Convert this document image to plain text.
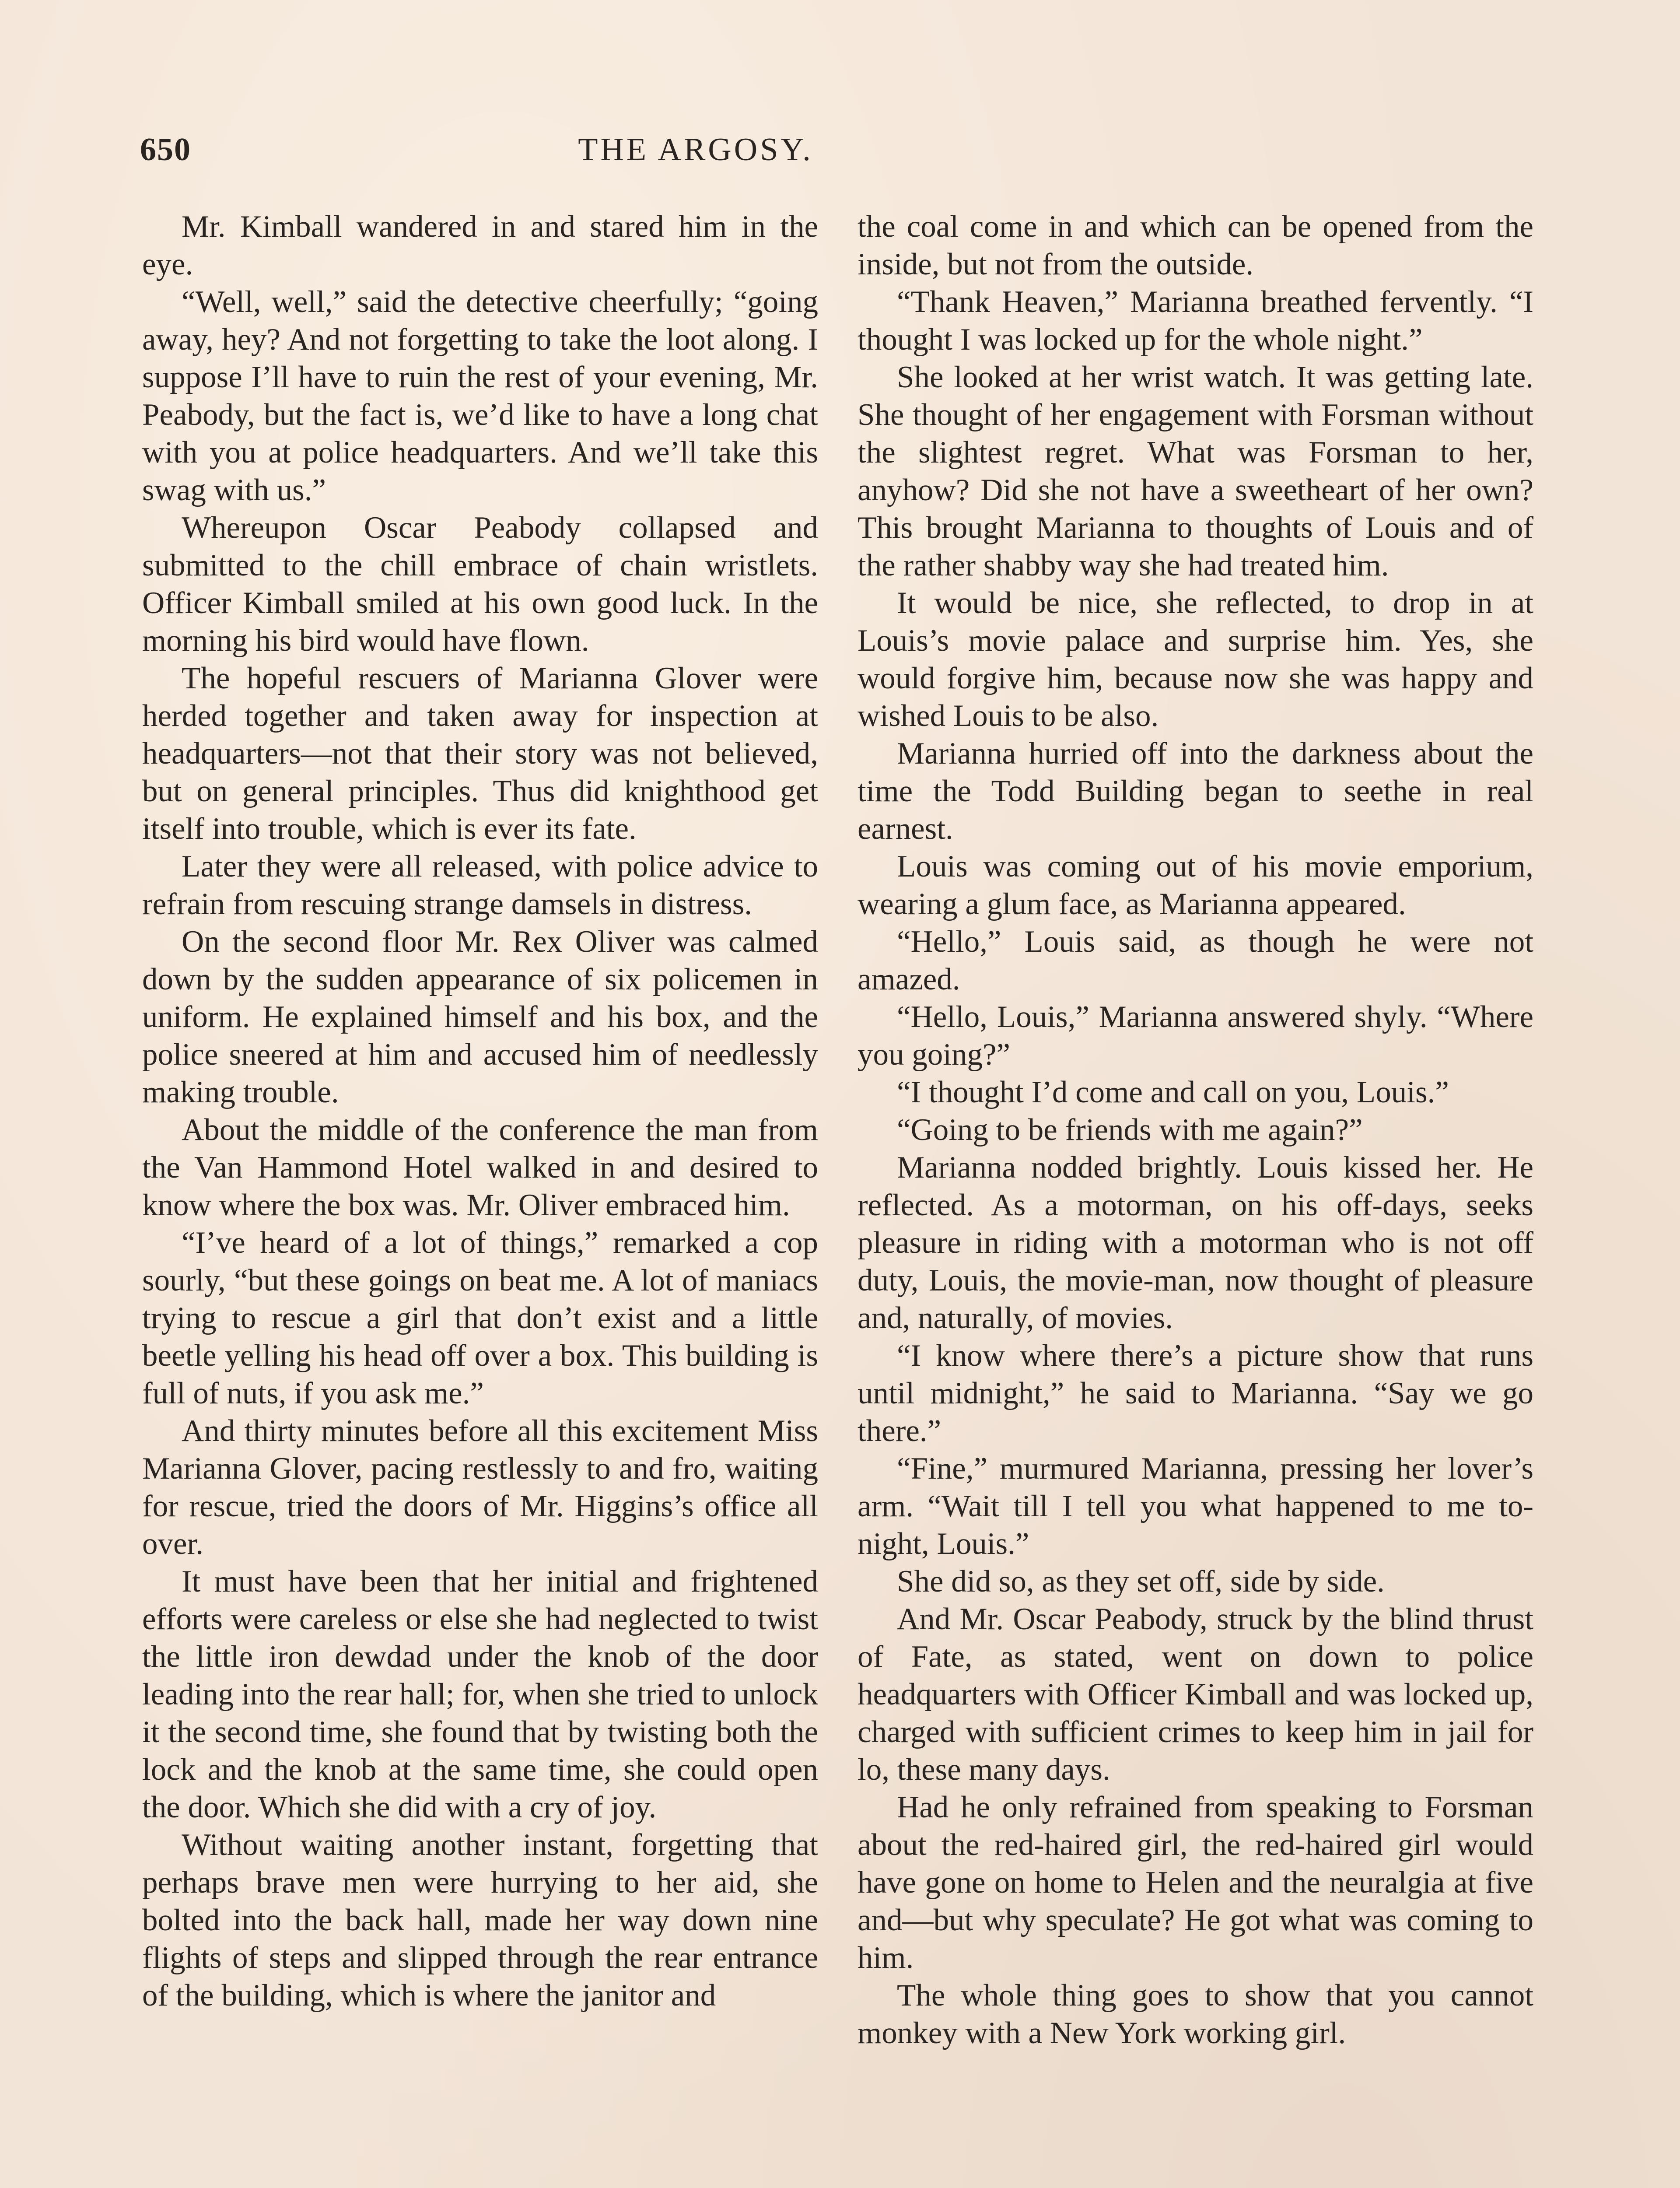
650	THE ARGOSY.

Mr. Kimball wandered in and stared him in the eye.

“Well, well,” said the detective cheerfully; “going away, hey? And not forgetting to take the loot along. I suppose I’ll have to ruin the rest of your evening, Mr. Peabody, but the fact is, we’d like to have a long chat with you at police headquarters. And we’ll take this swag with us.”

Whereupon Oscar Peabody collapsed and submitted to the chill embrace of chain wristlets. Officer Kimball smiled at his own good luck. In the morning his bird would have flown.

The hopeful rescuers of Marianna Glover were herded together and taken away for inspection at headquarters—not that their story was not believed, but on general principles. Thus did knighthood get itself into trouble, which is ever its fate.

Later they were all released, with police advice to refrain from rescuing strange damsels in distress.

On the second floor Mr. Rex Oliver was calmed down by the sudden appearance of six policemen in uniform. He explained himself and his box, and the police sneered at him and accused him of needlessly making trouble.

About the middle of the conference the man from the Van Hammond Hotel walked in and desired to know where the box was. Mr. Oliver embraced him.

“I’ve heard of a lot of things,” remarked a cop sourly, “but these goings on beat me. A lot of maniacs trying to rescue a girl that don’t exist and a little beetle yelling his head off over a box. This building is full of nuts, if you ask me.”

And thirty minutes before all this excitement Miss Marianna Glover, pacing restlessly to and fro, waiting for rescue, tried the doors of Mr. Higgins’s office all over.

It must have been that her initial and frightened efforts were careless or else she had neglected to twist the little iron dewdad under the knob of the door leading into the rear hall; for, when she tried to unlock it the second time, she found that by twisting both the lock and the knob at the same time, she could open the door. Which she did with a cry of joy.

Without waiting another instant, forgetting that perhaps brave men were hurrying to her aid, she bolted into the back hall, made her way down nine flights of steps and slipped through the rear entrance of the building, which is where the janitor and

the coal come in and which can be opened from the inside, but not from the outside.

“Thank Heaven,” Marianna breathed fervently. “I thought I was locked up for the whole night.”

She looked at her wrist watch. It was getting late. She thought of her engagement with Forsman without the slightest regret. What was Forsman to her, anyhow? Did she not have a sweetheart of her own? This brought Marianna to thoughts of Louis and of the rather shabby way she had treated him.

It would be nice, she reflected, to drop in at Louis’s movie palace and surprise him. Yes, she would forgive him, because now she was happy and wished Louis to be also.

Marianna hurried off into the darkness about the time the Todd Building began to seethe in real earnest.

Louis was coming out of his movie emporium, wearing a glum face, as Marianna appeared.

“Hello,” Louis said, as though he were not amazed.

“Hello, Louis,” Marianna answered shyly. “Where you going?”

“I thought I’d come and call on you, Louis.”

“Going to be friends with me again?”

Marianna nodded brightly. Louis kissed her. He reflected. As a motorman, on his off-days, seeks pleasure in riding with a motorman who is not off duty, Louis, the movie-man, now thought of pleasure and, naturally, of movies.

“I know where there’s a picture show that runs until midnight,” he said to Marianna. “Say we go there.”

“Fine,” murmured Marianna, pressing her lover’s arm. “Wait till I tell you what happened to me to-night, Louis.”

She did so, as they set off, side by side.

And Mr. Oscar Peabody, struck by the blind thrust of Fate, as stated, went on down to police headquarters with Officer Kimball and was locked up, charged with sufficient crimes to keep him in jail for lo, these many days.

Had he only refrained from speaking to Forsman about the red-haired girl, the red-haired girl would have gone on home to Helen and the neuralgia at five and—but why speculate? He got what was coming to him.

The whole thing goes to show that you cannot monkey with a New York working girl.
